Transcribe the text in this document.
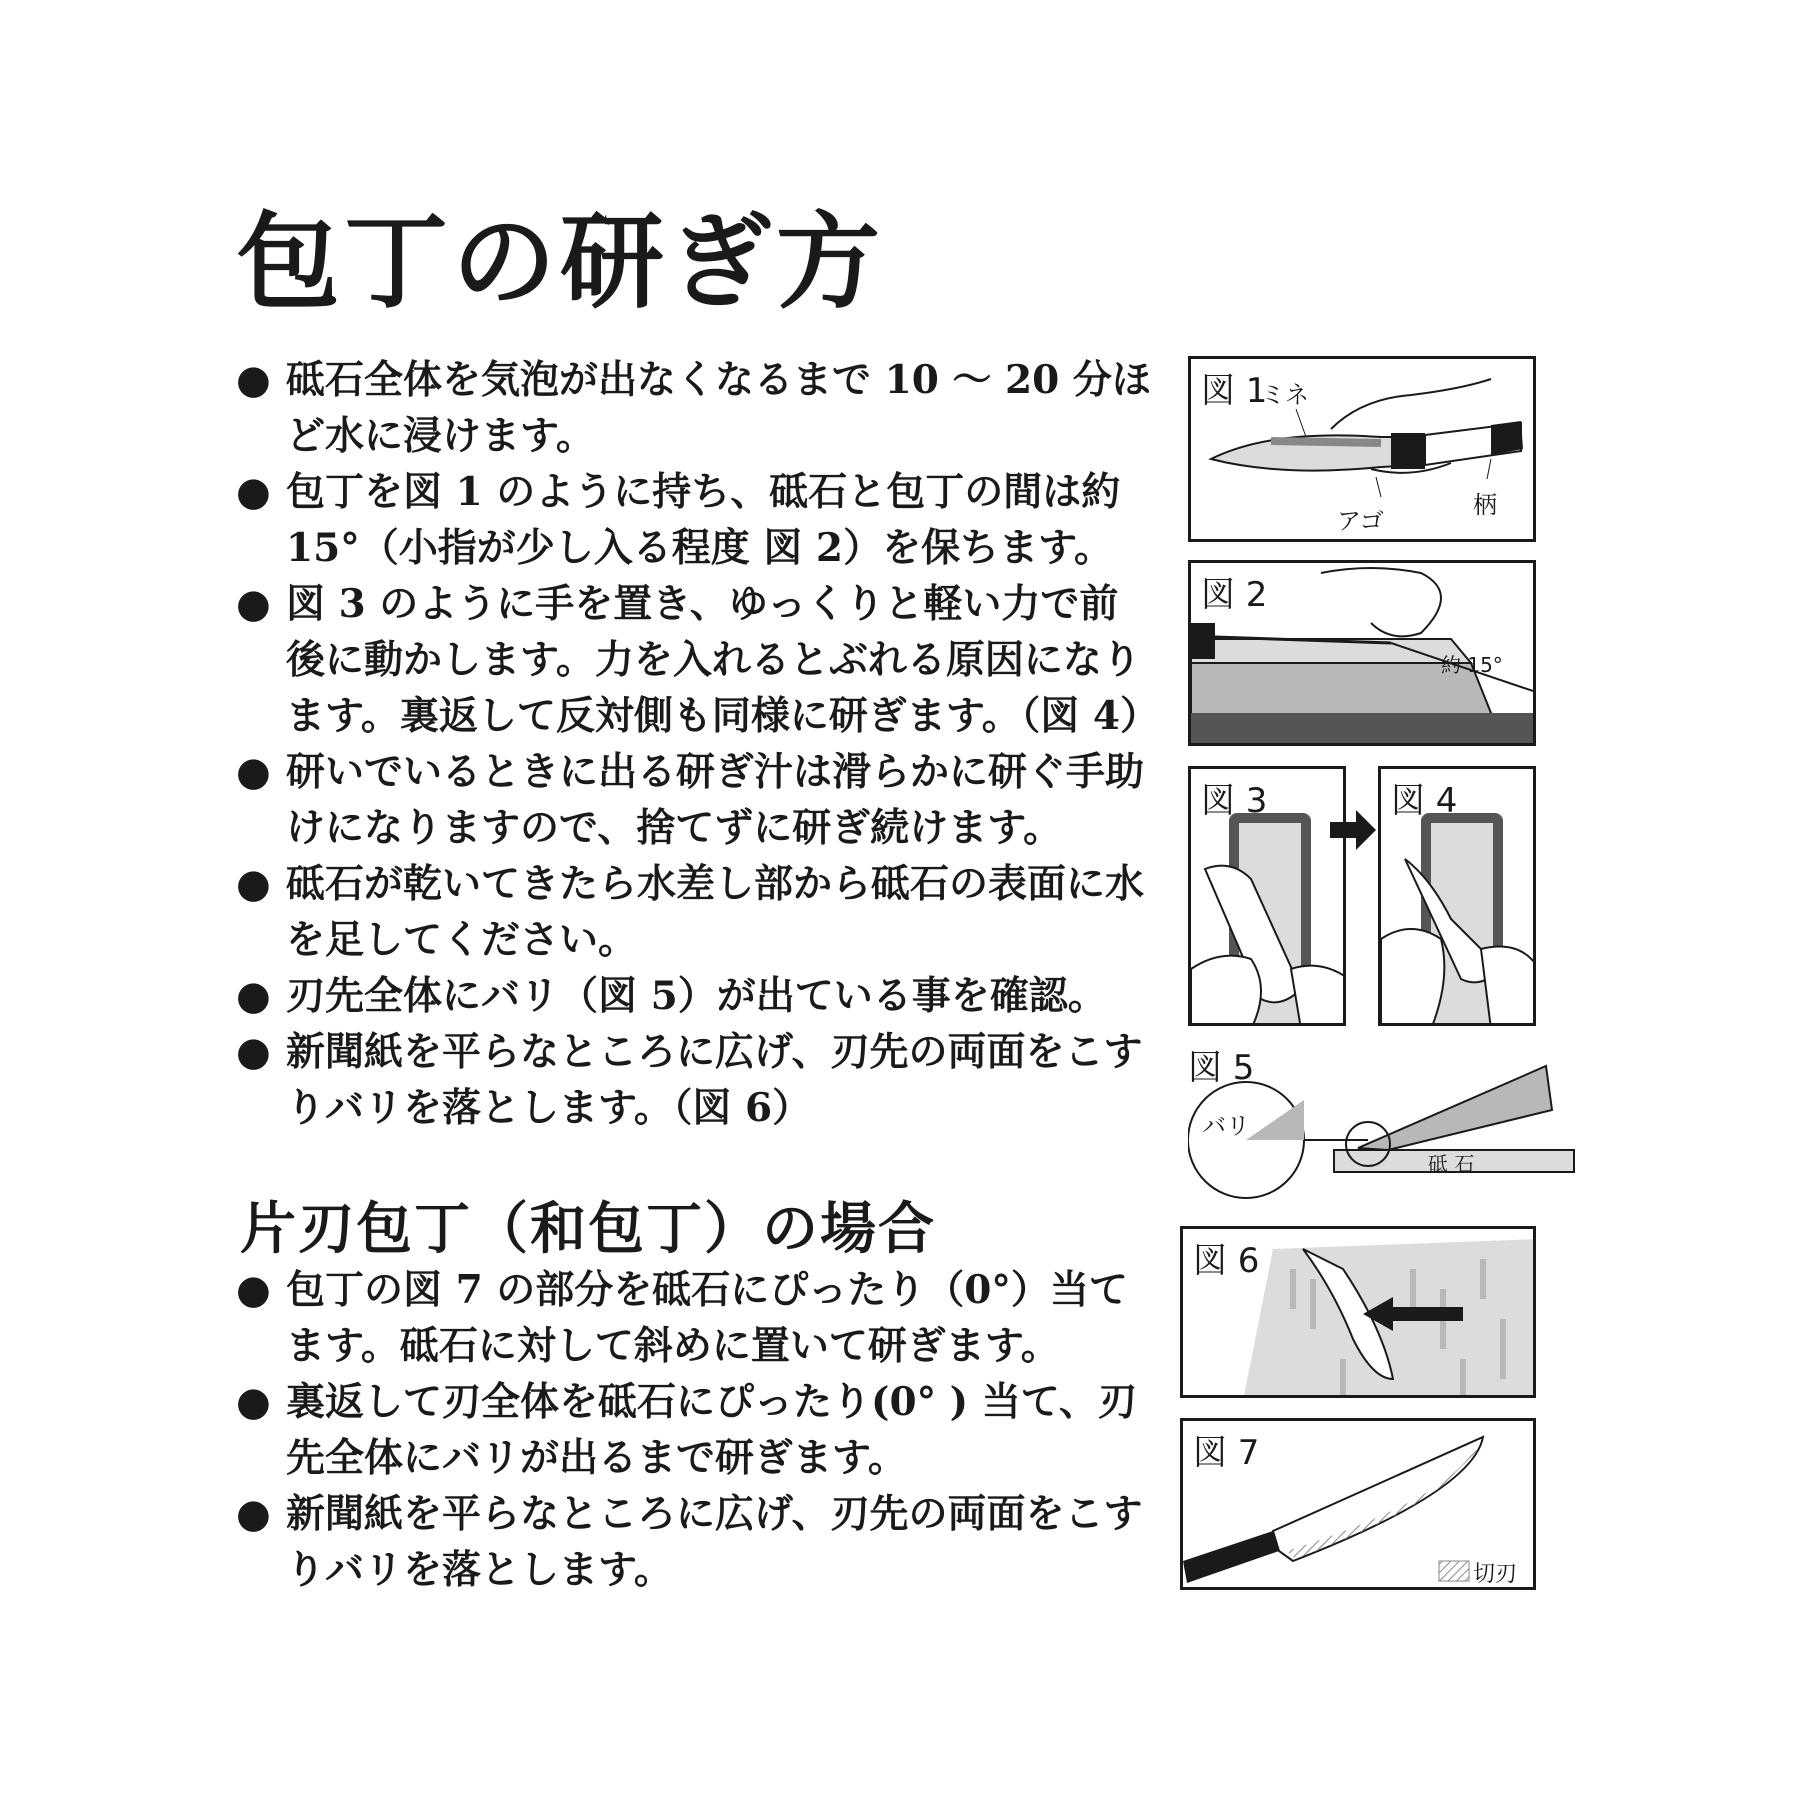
包丁の研ぎ方
● 砥石全体を気泡が出なくなるまで 10 ～ 20 分ほど水に浸けます。
● 包丁を図 1 のように持ち、砥石と包丁の間は約 15°（小指が少し入る程度 図 2）を保ちます。
● 図 3 のように手を置き、ゆっくりと軽い力で前後に動かします。力を入れるとぶれる原因になります。裏返して反対側も同様に研ぎます。（図 4）
● 研いでいるときに出る研ぎ汁は滑らかに研ぐ手助けになりますので、捨てずに研ぎ続けます。
● 砥石が乾いてきたら水差し部から砥石の表面に水を足してください。
● 刃先全体にバリ（図 5）が出ている事を確認。
● 新聞紙を平らなところに広げ、刃先の両面をこすりバリを落とします。（図 6）
片刃包丁（和包丁）の場合
● 包丁の図 7 の部分を砥石にぴったり（0°）当てます。砥石に対して斜めに置いて研ぎます。
● 裏返して刃全体を砥石にぴったり(0° ) 当て、刃先全体にバリが出るまで研ぎます。
● 新聞紙を平らなところに広げ、刃先の両面をこすりバリを落とします。
図 1
ミネ
アゴ
柄
図 2
約 15°
図 3	図 4
図 5
バリ
砥 石
図 6
図 7
切刃
